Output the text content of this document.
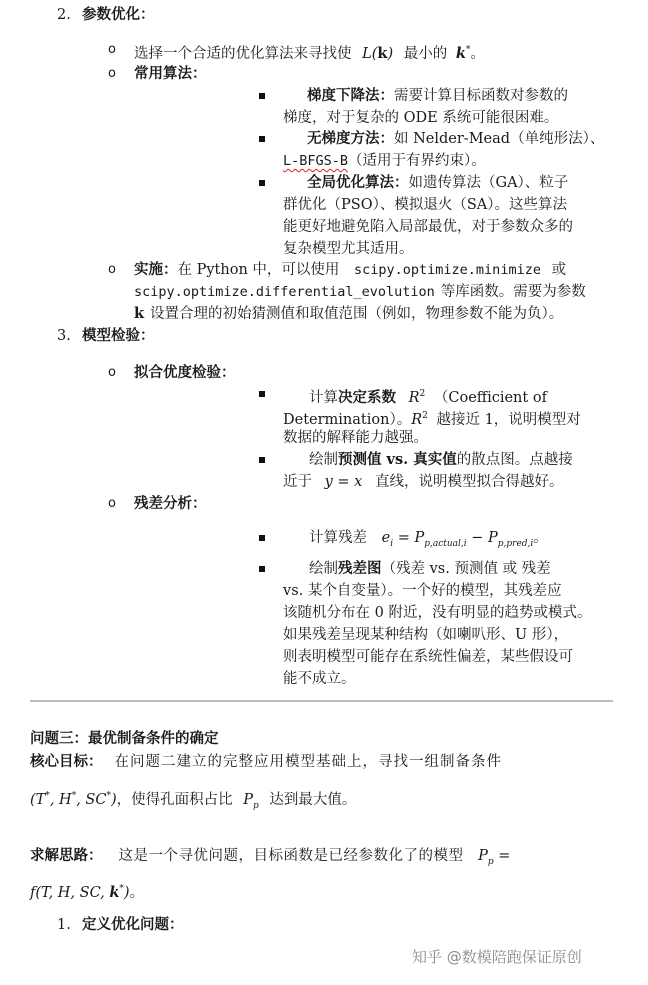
2. 参数优化：
o 选择一个合适的优化算法来寻找使 L(k) 最小的 k*。
o 常用算法：
梯度下降法：需要计算目标函数对参数的
梯度，对于复杂的 ODE 系统可能很困难。
无梯度方法：如 Nelder-Mead（单纯形法）、
L-BFGS-B（适用于有界约束）。
全局优化算法：如遗传算法（GA）、粒子
群优化（PSO）、模拟退火（SA）。这些算法
能更好地避免陷入局部最优，对于参数众多的
复杂模型尤其适用。
o 实施：在 Python 中，可以使用 scipy.optimize.minimize 或
scipy.optimize.differential_evolution 等库函数。需要为参数
k 设置合理的初始猜测值和取值范围（例如，物理参数不能为负）。
3. 模型检验：
o 拟合优度检验：
计算决定系数 $R^2$ （Coefficient of
Determination）。$R^2$ 越接近 1，说明模型对
数据的解释能力越强。
绘制预测值 vs. 真实值的散点图。点越接
近于 y = x 直线，说明模型拟合得越好。
o 残差分析：
计算残差 $e_i = P_{p,actual,i} - P_{p,pred,i}$。
绘制残差图（残差 vs. 预测值 或 残差
vs. 某个自变量）。一个好的模型，其残差应
该随机分布在 0 附近，没有明显的趋势或模式。
如果残差呈现某种结构（如喇叭形、U 形），
则表明模型可能存在系统性偏差，某些假设可
能不成立。
问题三：最优制备条件的确定
核心目标： 在问题二建立的完整应用模型基础上，寻找一组制备条件
(T*, H*, SC*)，使得孔面积占比 $P_p$ 达到最大值。
求解思路： 这是一个寻优问题，目标函数是已经参数化了的模型 $P_p$ =
f(T, H, SC, k*)。
1. 定义优化问题：
知乎 @数模陪跑保证原创
